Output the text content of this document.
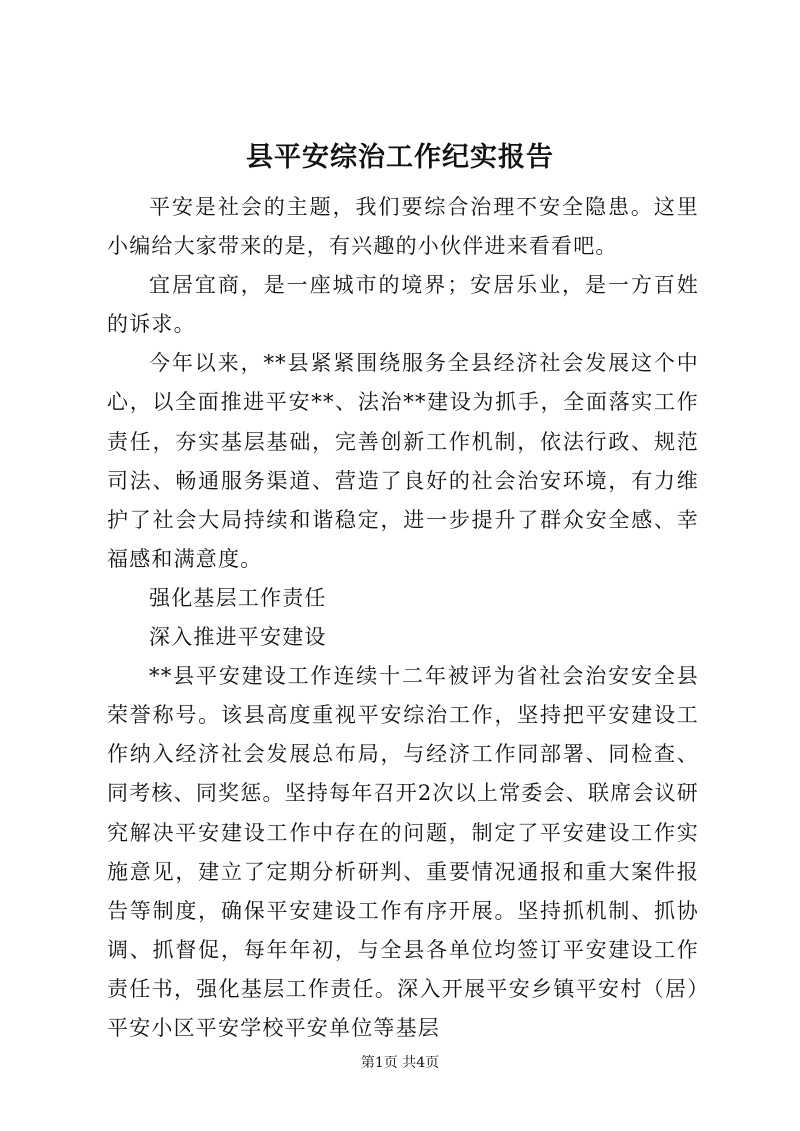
县平安综治工作纪实报告

平安是社会的主题，我们要综合治理不安全隐患。这里小编给大家带来的是，有兴趣的小伙伴进来看看吧。

宜居宜商，是一座城市的境界；安居乐业，是一方百姓的诉求。

今年以来，**县紧紧围绕服务全县经济社会发展这个中心，以全面推进平安**、法治**建设为抓手，全面落实工作责任，夯实基层基础，完善创新工作机制，依法行政、规范司法、畅通服务渠道、营造了良好的社会治安环境，有力维护了社会大局持续和谐稳定，进一步提升了群众安全感、幸福感和满意度。

强化基层工作责任

深入推进平安建设

**县平安建设工作连续十二年被评为省社会治安安全县荣誉称号。该县高度重视平安综治工作，坚持把平安建设工作纳入经济社会发展总布局，与经济工作同部署、同检查、同考核、同奖惩。坚持每年召开2次以上常委会、联席会议研究解决平安建设工作中存在的问题，制定了平安建设工作实施意见，建立了定期分析研判、重要情况通报和重大案件报告等制度，确保平安建设工作有序开展。坚持抓机制、抓协调、抓督促，每年年初，与全县各单位均签订平安建设工作责任书，强化基层工作责任。深入开展平安乡镇平安村（居）平安小区平安学校平安单位等基层

第1页 共4页
